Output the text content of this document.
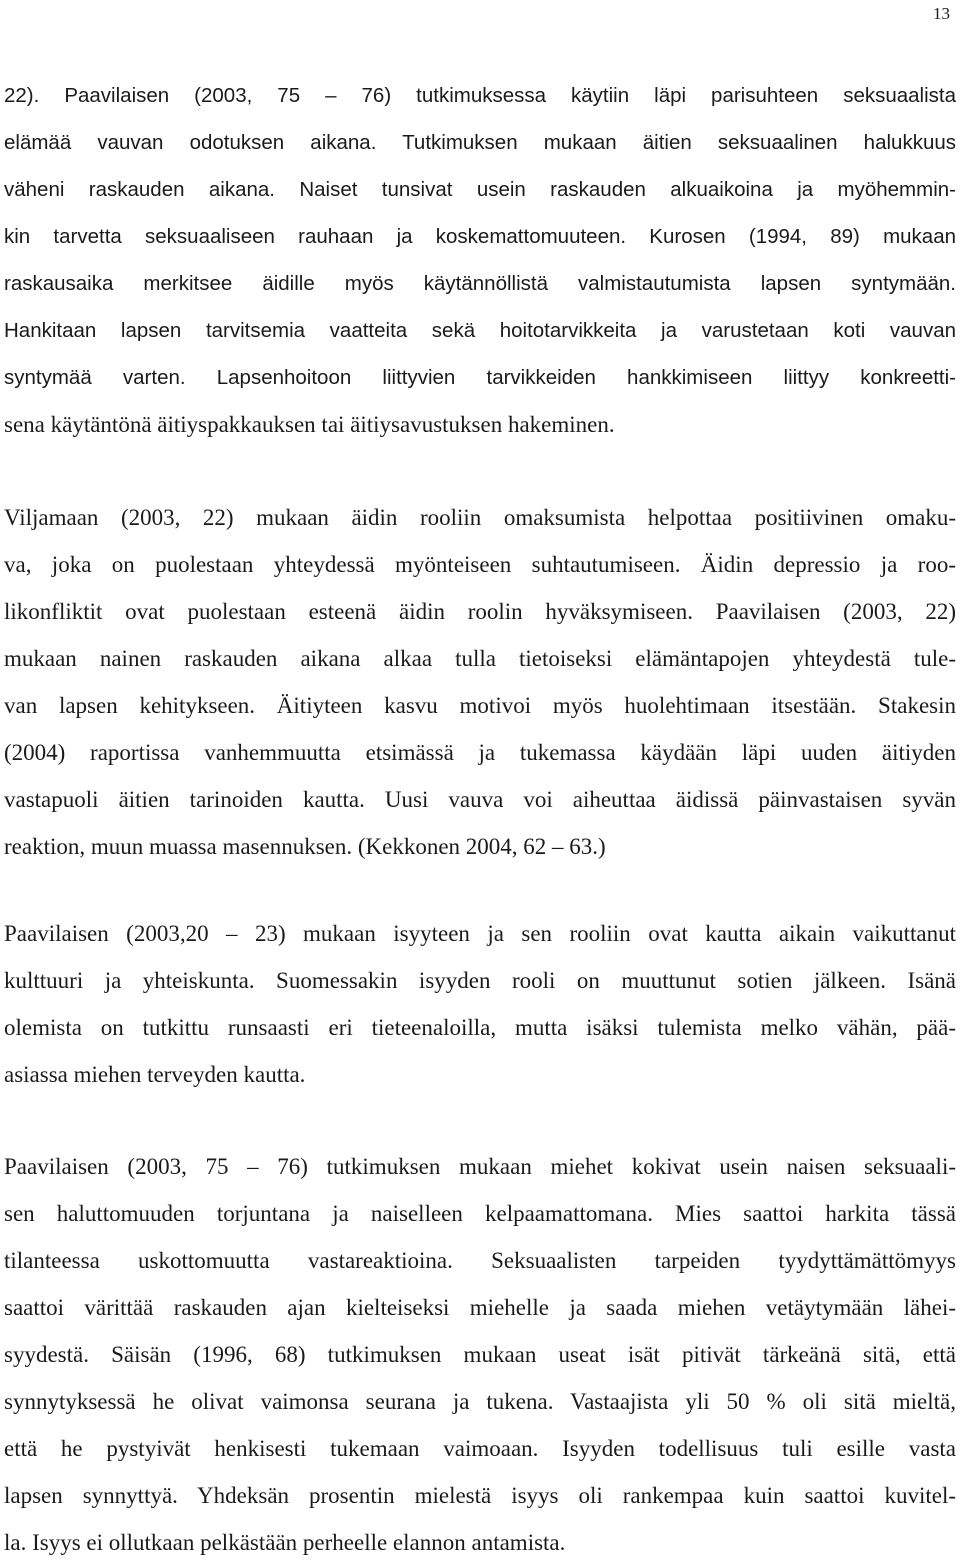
13
22). Paavilaisen (2003, 75 – 76) tutkimuksessa käytiin läpi parisuhteen seksuaalista
elämää vauvan odotuksen aikana. Tutkimuksen mukaan äitien seksuaalinen halukkuus
väheni raskauden aikana. Naiset tunsivat usein raskauden alkuaikoina ja myöhemmin-
kin tarvetta seksuaaliseen rauhaan ja koskemattomuuteen. Kurosen (1994, 89) mukaan
raskausaika merkitsee äidille myös käytännöllistä valmistautumista lapsen syntymään.
Hankitaan lapsen tarvitsemia vaatteita sekä hoitotarvikkeita ja varustetaan koti vauvan
syntymää varten. Lapsenhoitoon liittyvien tarvikkeiden hankkimiseen liittyy konkreetti-
sena käytäntönä äitiyspakkauksen tai äitiysavustuksen hakeminen.
Viljamaan (2003, 22) mukaan äidin rooliin omaksumista helpottaa positiivinen omaku-
va, joka on puolestaan yhteydessä myönteiseen suhtautumiseen. Äidin depressio ja roo-
likonfliktit ovat puolestaan esteenä äidin roolin hyväksymiseen. Paavilaisen (2003, 22)
mukaan nainen raskauden aikana alkaa tulla tietoiseksi elämäntapojen yhteydestä tule-
van lapsen kehitykseen. Äitiyteen kasvu motivoi myös huolehtimaan itsestään. Stakesin
(2004) raportissa vanhemmuutta etsimässä ja tukemassa käydään läpi uuden äitiyden
vastapuoli äitien tarinoiden kautta. Uusi vauva voi aiheuttaa äidissä päinvastaisen syvän
reaktion, muun muassa masennuksen. (Kekkonen 2004, 62 – 63.)
Paavilaisen (2003,20 – 23) mukaan isyyteen ja sen rooliin ovat kautta aikain vaikuttanut
kulttuuri ja yhteiskunta. Suomessakin isyyden rooli on muuttunut sotien jälkeen. Isänä
olemista on tutkittu runsaasti eri tieteenaloilla, mutta isäksi tulemista melko vähän, pää-
asiassa miehen terveyden kautta.
Paavilaisen (2003, 75 – 76) tutkimuksen mukaan miehet kokivat usein naisen seksuaali-
sen haluttomuuden torjuntana ja naiselleen kelpaamattomana. Mies saattoi harkita tässä
tilanteessa uskottomuutta vastareaktioina. Seksuaalisten tarpeiden tyydyttämättömyys
saattoi värittää raskauden ajan kielteiseksi miehelle ja saada miehen vetäytymään lähei-
syydestä. Säisän (1996, 68) tutkimuksen mukaan useat isät pitivät tärkeänä sitä, että
synnytyksessä he olivat vaimonsa seurana ja tukena. Vastaajista yli 50 % oli sitä mieltä,
että he pystyivät henkisesti tukemaan vaimoaan. Isyyden todellisuus tuli esille vasta
lapsen synnyttyä. Yhdeksän prosentin mielestä isyys oli rankempaa kuin saattoi kuvitel-
la. Isyys ei ollutkaan pelkästään perheelle elannon antamista.
